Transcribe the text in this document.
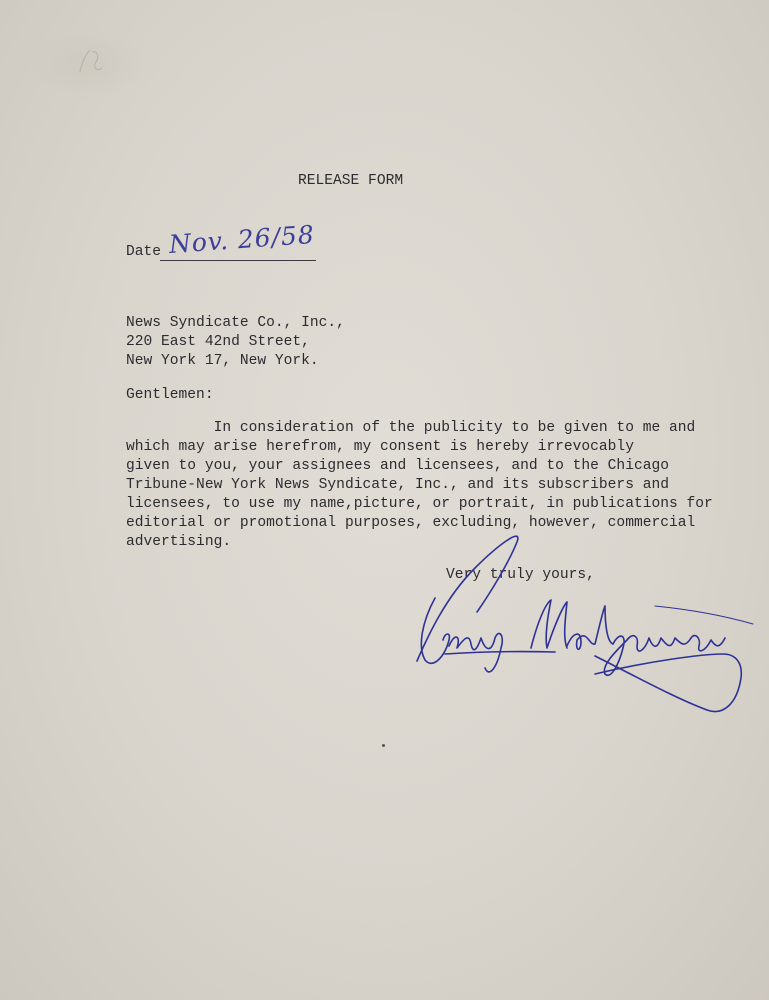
RELEASE FORM
Date Nov. 26/58
News Syndicate Co., Inc.,
220 East 42nd Street,
New York 17, New York.
Gentlemen:
In consideration of the publicity to be given to me and
which may arise herefrom, my consent is hereby irrevocably
given to you, your assignees and licensees, and to the Chicago
Tribune-New York News Syndicate, Inc., and its subscribers and
licensees, to use my name,picture, or portrait, in publications for
editorial or promotional purposes, excluding, however, commercial
advertising.
Very truly yours,
